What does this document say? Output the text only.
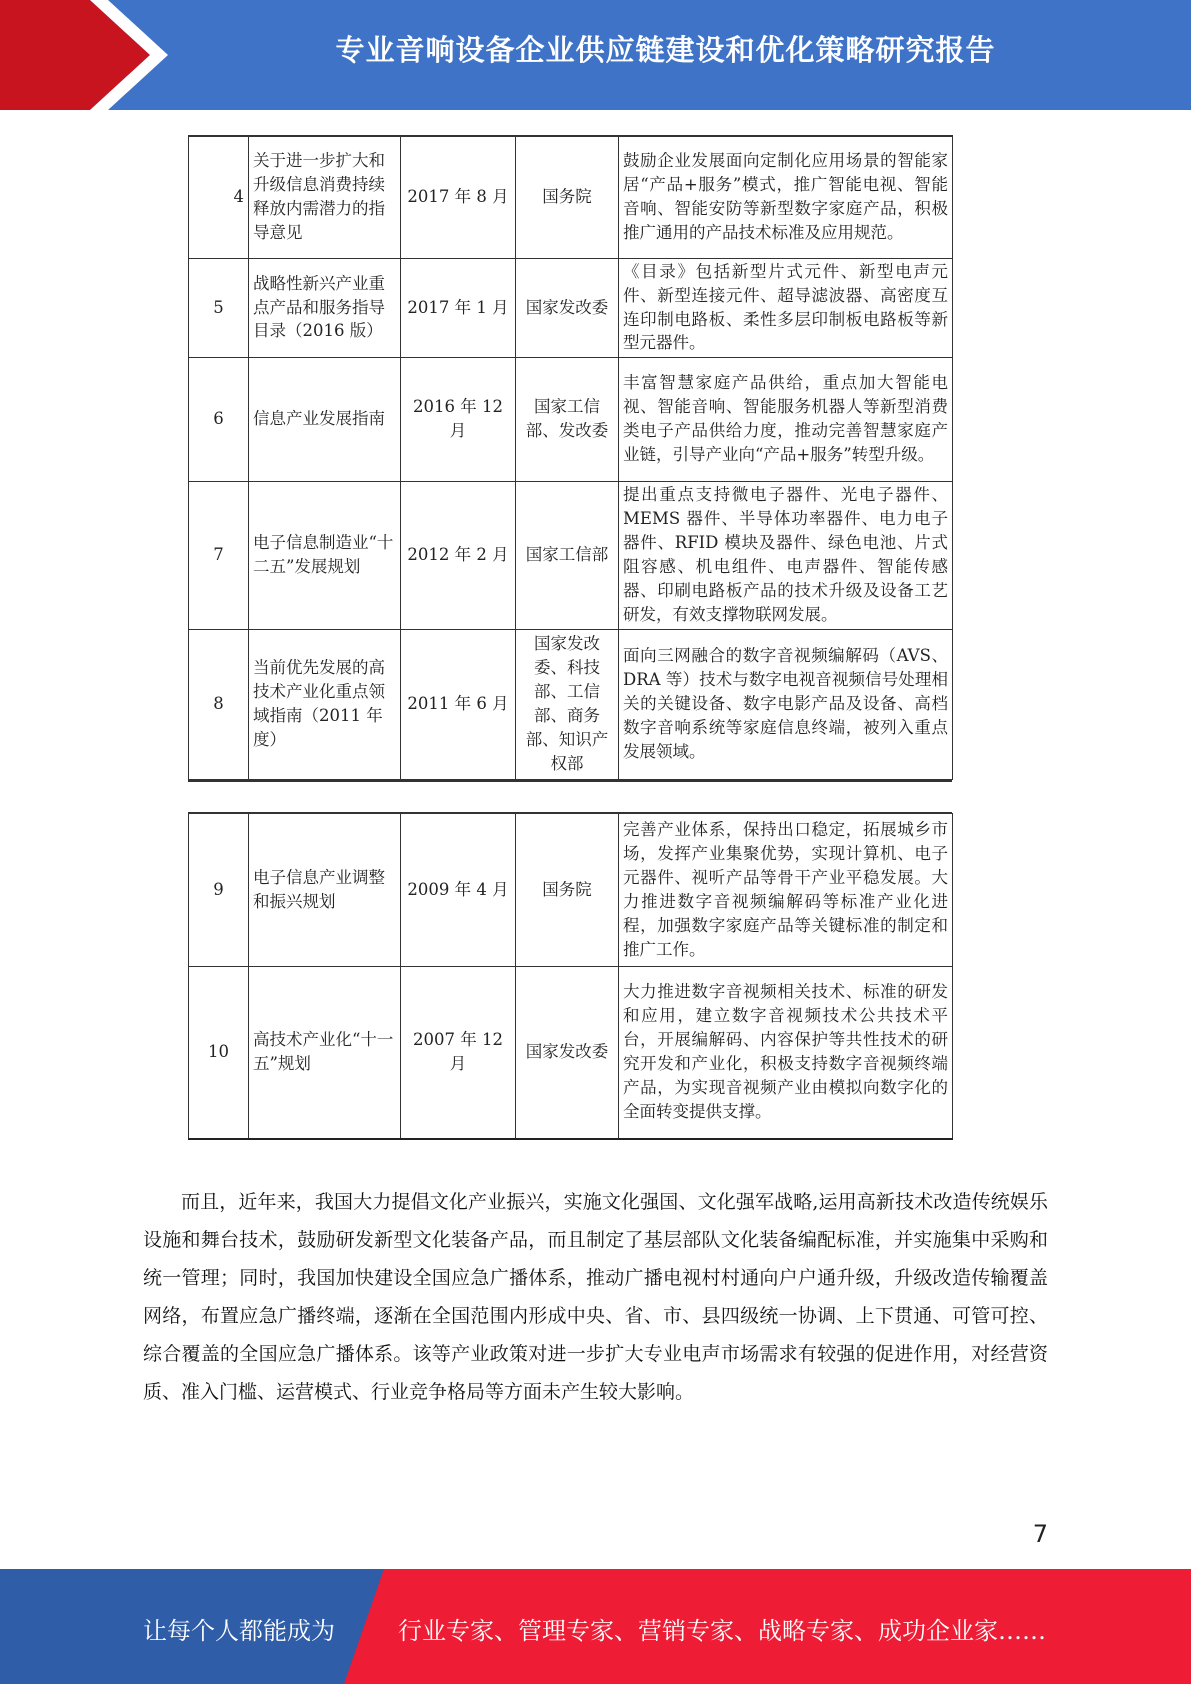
专业音响设备企业供应链建设和优化策略研究报告
4	关于进一步扩大和升级信息消费持续释放内需潜力的指导意见	2017 年 8 月	国务院	鼓励企业发展面向定制化应用场景的智能家居“产品+服务”模式，推广智能电视、智能音响、智能安防等新型数字家庭产品，积极推广通用的产品技术标准及应用规范。
5	战略性新兴产业重点产品和服务指导目录（2016 版）	2017 年 1 月	国家发改委	《目录》包括新型片式元件、新型电声元件、新型连接元件、超导滤波器、高密度互连印制电路板、柔性多层印制板电路板等新型元器件。
6	信息产业发展指南	2016 年 12 月	国家工信部、发改委	丰富智慧家庭产品供给，重点加大智能电视、智能音响、智能服务机器人等新型消费类电子产品供给力度，推动完善智慧家庭产业链，引导产业向“产品+服务”转型升级。
7	电子信息制造业“十二五”发展规划	2012 年 2 月	国家工信部	提出重点支持微电子器件、光电子器件、MEMS 器件、半导体功率器件、电力电子器件、RFID 模块及器件、绿色电池、片式阻容感、机电组件、电声器件、智能传感器、印刷电路板产品的技术升级及设备工艺研发，有效支撑物联网发展。
8	当前优先发展的高技术产业化重点领域指南（2011 年度）	2011 年 6 月	国家发改委、科技部、工信部、商务部、知识产权部	面向三网融合的数字音视频编解码（AVS、DRA 等）技术与数字电视音视频信号处理相关的关键设备、数字电影产品及设备、高档数字音响系统等家庭信息终端，被列入重点发展领域。
9	电子信息产业调整和振兴规划	2009 年 4 月	国务院	完善产业体系，保持出口稳定，拓展城乡市场，发挥产业集聚优势，实现计算机、电子元器件、视听产品等骨干产业平稳发展。大力推进数字音视频编解码等标准产业化进程，加强数字家庭产品等关键标准的制定和推广工作。
10	高技术产业化“十一五”规划	2007 年 12 月	国家发改委	大力推进数字音视频相关技术、标准的研发和应用，建立数字音视频技术公共技术平台，开展编解码、内容保护等共性技术的研究开发和产业化，积极支持数字音视频终端产品，为实现音视频产业由模拟向数字化的全面转变提供支撑。

而且，近年来，我国大力提倡文化产业振兴，实施文化强国、文化强军战略,运用高新技术改造传统娱乐设施和舞台技术，鼓励研发新型文化装备产品，而且制定了基层部队文化装备编配标准，并实施集中采购和统一管理；同时，我国加快建设全国应急广播体系，推动广播电视村村通向户户通升级，升级改造传输覆盖网络，布置应急广播终端，逐渐在全国范围内形成中央、省、市、县四级统一协调、上下贯通、可管可控、综合覆盖的全国应急广播体系。该等产业政策对进一步扩大专业电声市场需求有较强的促进作用，对经营资质、准入门槛、运营模式、行业竞争格局等方面未产生较大影响。

7
让每个人都能成为	行业专家、管理专家、营销专家、战略专家、成功企业家……
